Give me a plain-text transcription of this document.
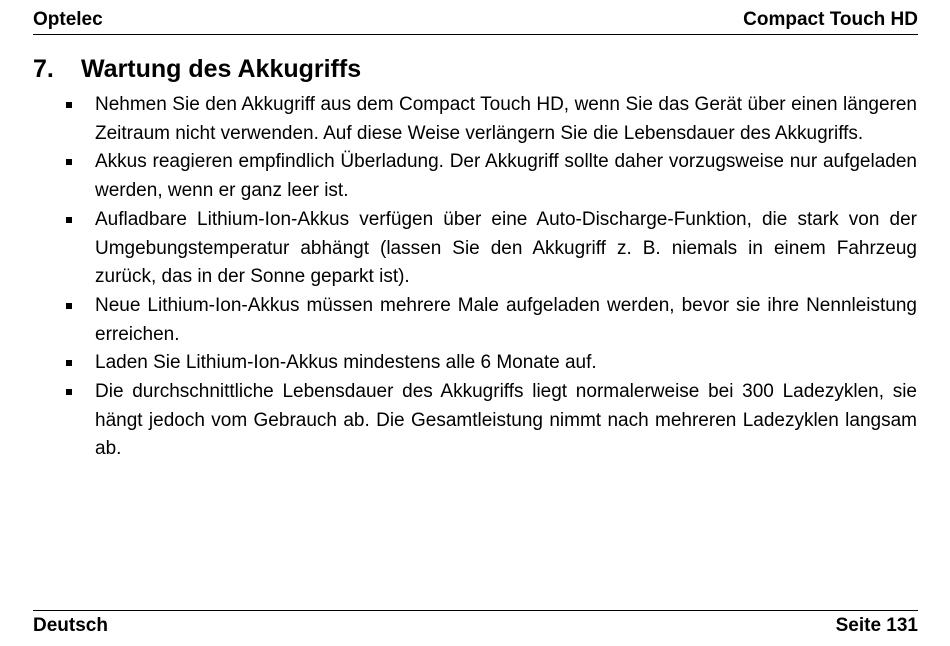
Optelec	Compact Touch HD
7.	Wartung des Akkugriffs
Nehmen Sie den Akkugriff aus dem Compact Touch HD, wenn Sie das Gerät über einen längeren Zeitraum nicht verwenden. Auf diese Weise verlängern Sie die Lebensdauer des Akkugriffs.
Akkus reagieren empfindlich Überladung. Der Akkugriff sollte daher vorzugsweise nur aufgeladen werden, wenn er ganz leer ist.
Aufladbare Lithium-Ion-Akkus verfügen über eine Auto-Discharge-Funktion, die stark von der Umgebungstemperatur abhängt (lassen Sie den Akkugriff z. B. niemals in einem Fahrzeug zurück, das in der Sonne geparkt ist).
Neue Lithium-Ion-Akkus müssen mehrere Male aufgeladen werden, bevor sie ihre Nennleistung erreichen.
Laden Sie Lithium-Ion-Akkus mindestens alle 6 Monate auf.
Die durchschnittliche Lebensdauer des Akkugriffs liegt normalerweise bei 300 Ladezyklen, sie hängt jedoch vom Gebrauch ab. Die Gesamtleistung nimmt nach mehreren Ladezyklen langsam ab.
Deutsch	Seite 131
